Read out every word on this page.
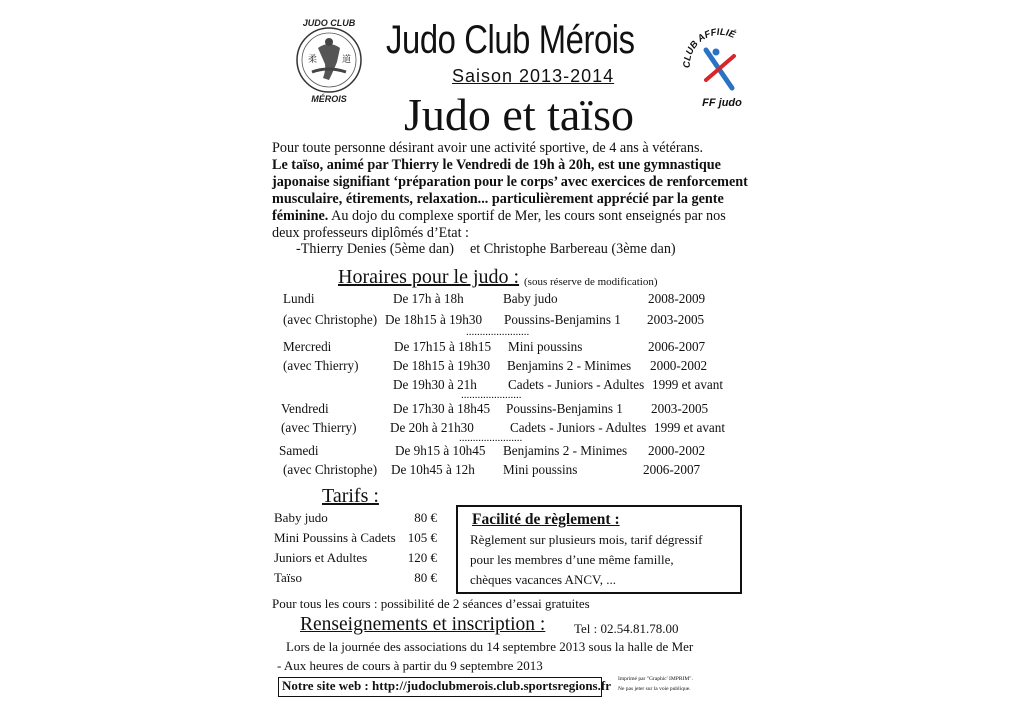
柔	道
JUDO CLUB
MÉROIS
Judo Club Mérois
Saison 2013-2014
Judo et taïso
CLUB AFFILIÉ
FF judo
Pour toute personne désirant avoir une activité sportive, de 4 ans à vétérans.
Le taïso, animé par Thierry le Vendredi de 19h à 20h, est une gymnastique japonaise signifiant ‘préparation pour le corps’ avec exercices de renforcement musculaire, étirements, relaxation... particulièrement apprécié par la gente féminine. Au dojo du complexe sportif de Mer, les cours sont enseignés par nos deux professeurs diplômés d’Etat :
-Thierry Denies (5ème dan) et Christophe Barbereau (3ème dan)
Horaires pour le judo : (sous réserve de modification)
Lundi	De 17h à 18h	Baby judo	2008-2009
(avec Christophe) De 18h15 à 19h30 Poussins-Benjamins 1 2003-2005
Mercredi	De 17h15 à 18h15 Mini poussins	2006-2007
(avec Thierry)	De 18h15 à 19h30 Benjamins 2 - Minimes 2000-2002
De 19h30 à 21h Cadets - Juniors - Adultes 1999 et avant
Vendredi	De 17h30 à 18h45 Poussins-Benjamins 1 2003-2005
(avec Thierry)	De 20h à 21h30	Cadets - Juniors - Adultes 1999 et avant
Samedi	De 9h15 à 10h45 Benjamins 2 - Minimes 2000-2002
(avec Christophe) De 10h45 à 12h Mini poussins	2006-2007
.......................
......................
.......................
Tarifs :
Baby judo	80 €
Mini Poussins à Cadets 105 €
Juniors et Adultes	120 €
Taïso	80 €
Facilité de règlement :
Règlement sur plusieurs mois, tarif dégressif
pour les membres d’une même famille,
chèques vacances ANCV, ...
Pour tous les cours : possibilité de 2 séances d’essai gratuites
Renseignements et inscription : Tel : 02.54.81.78.00
Lors de la journée des associations du 14 septembre 2013 sous la halle de Mer
- Aux heures de cours à partir du 9 septembre 2013
Notre site web : http://judoclubmerois.club.sportsregions.fr Imprimé par "Graphic' IMPRIM".
Ne pas jeter sur la voie publique.
